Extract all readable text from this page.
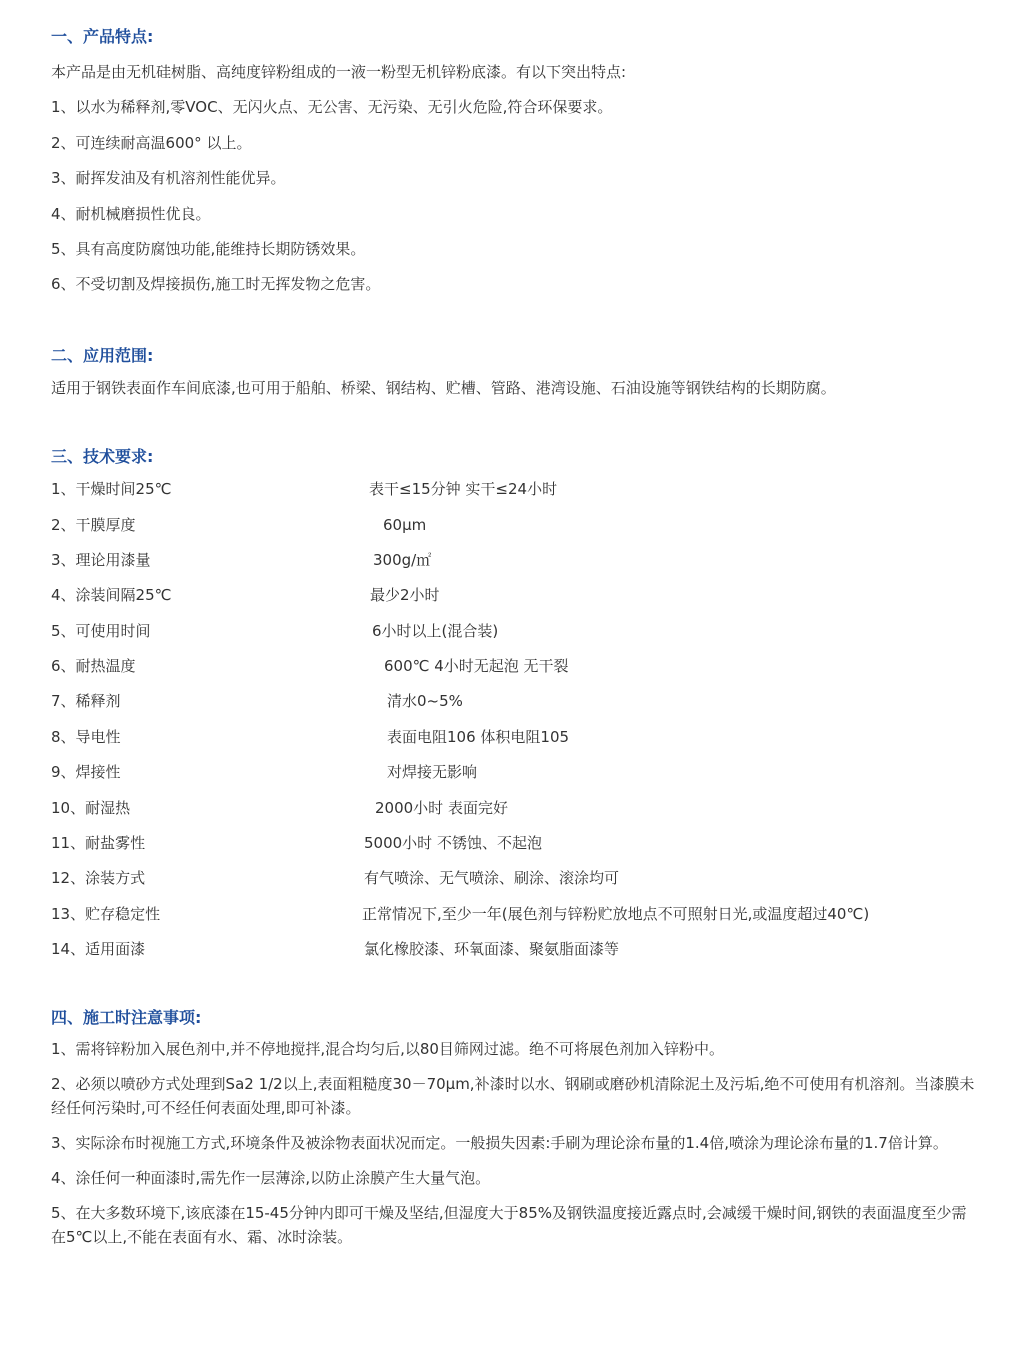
一、产品特点:
本产品是由无机硅树脂、高纯度锌粉组成的一液一粉型无机锌粉底漆。有以下突出特点:
1、以水为稀释剂,零VOC、无闪火点、无公害、无污染、无引火危险,符合环保要求。
2、可连续耐高温600° 以上。
3、耐挥发油及有机溶剂性能优异。
4、耐机械磨损性优良。
5、具有高度防腐蚀功能,能维持长期防锈效果。
6、不受切割及焊接损伤,施工时无挥发物之危害。
二、应用范围:
适用于钢铁表面作车间底漆,也可用于船舶、桥梁、钢结构、贮槽、管路、港湾设施、石油设施等钢铁结构的长期防腐。
三、技术要求:
1、干燥时间25℃	表干≤15分钟 实干≤24小时
2、干膜厚度	60μm
3、理论用漆量	300g/㎡
4、涂装间隔25℃	最少2小时
5、可使用时间	6小时以上(混合装)
6、耐热温度	600℃ 4小时无起泡 无干裂
7、稀释剂	清水0~5%
8、导电性	表面电阻106 体积电阻105
9、焊接性	对焊接无影响
10、耐湿热	2000小时 表面完好
11、耐盐雾性	5000小时 不锈蚀、不起泡
12、涂装方式	有气喷涂、无气喷涂、刷涂、滚涂均可
13、贮存稳定性	正常情况下,至少一年(展色剂与锌粉贮放地点不可照射日光,或温度超过40℃)
14、适用面漆	氯化橡胶漆、环氧面漆、聚氨脂面漆等
四、施工时注意事项:
1、需将锌粉加入展色剂中,并不停地搅拌,混合均匀后,以80目筛网过滤。绝不可将展色剂加入锌粉中。
2、必须以喷砂方式处理到Sa2 1/2以上,表面粗糙度30－70μm,补漆时以水、钢刷或磨砂机清除泥土及污垢,绝不可使用有机溶剂。当漆膜未经任何污染时,可不经任何表面处理,即可补漆。
3、实际涂布时视施工方式,环境条件及被涂物表面状况而定。一般损失因素:手刷为理论涂布量的1.4倍,喷涂为理论涂布量的1.7倍计算。
4、涂任何一种面漆时,需先作一层薄涂,以防止涂膜产生大量气泡。
5、在大多数环境下,该底漆在15-45分钟内即可干燥及坚结,但湿度大于85%及钢铁温度接近露点时,会减缓干燥时间,钢铁的表面温度至少需在5℃以上,不能在表面有水、霜、冰时涂装。
